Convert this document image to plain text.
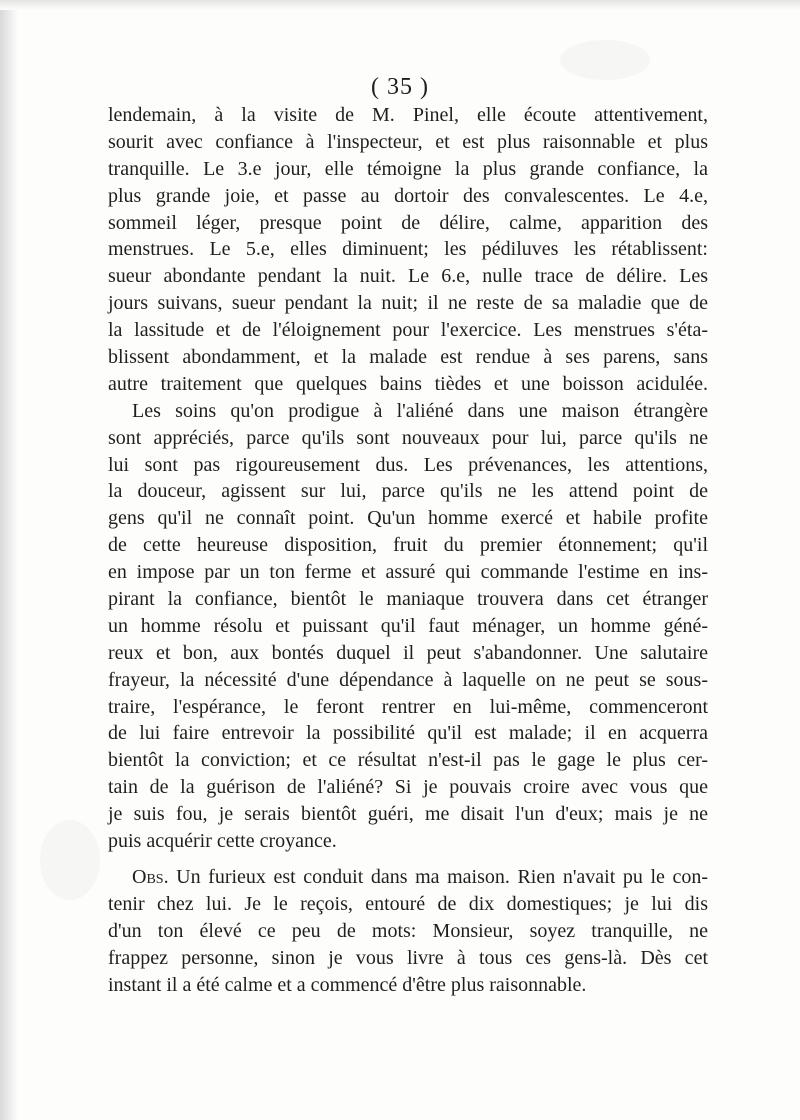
( 35 )
lendemain, à la visite de M. Pinel, elle écoute attentivement,
sourit avec confiance à l'inspecteur, et est plus raisonnable et plus
tranquille. Le 3.e jour, elle témoigne la plus grande confiance, la
plus grande joie, et passe au dortoir des convalescentes. Le 4.e,
sommeil léger, presque point de délire, calme, apparition des
menstrues. Le 5.e, elles diminuent; les pédiluves les rétablissent:
sueur abondante pendant la nuit. Le 6.e, nulle trace de délire. Les
jours suivans, sueur pendant la nuit; il ne reste de sa maladie que de
la lassitude et de l'éloignement pour l'exercice. Les menstrues s'éta-
blissent abondamment, et la malade est rendue à ses parens, sans
autre traitement que quelques bains tièdes et une boisson acidulée.
Les soins qu'on prodigue à l'aliéné dans une maison étrangère
sont appréciés, parce qu'ils sont nouveaux pour lui, parce qu'ils ne
lui sont pas rigoureusement dus. Les prévenances, les attentions,
la douceur, agissent sur lui, parce qu'ils ne les attend point de
gens qu'il ne connaît point. Qu'un homme exercé et habile profite
de cette heureuse disposition, fruit du premier étonnement; qu'il
en impose par un ton ferme et assuré qui commande l'estime en ins-
pirant la confiance, bientôt le maniaque trouvera dans cet étranger
un homme résolu et puissant qu'il faut ménager, un homme géné-
reux et bon, aux bontés duquel il peut s'abandonner. Une salutaire
frayeur, la nécessité d'une dépendance à laquelle on ne peut se sous-
traire, l'espérance, le feront rentrer en lui-même, commenceront
de lui faire entrevoir la possibilité qu'il est malade; il en acquerra
bientôt la conviction; et ce résultat n'est-il pas le gage le plus cer-
tain de la guérison de l'aliéné? Si je pouvais croire avec vous que
je suis fou, je serais bientôt guéri, me disait l'un d'eux; mais je ne
puis acquérir cette croyance.
Obs. Un furieux est conduit dans ma maison. Rien n'avait pu le con-
tenir chez lui. Je le reçois, entouré de dix domestiques; je lui dis
d'un ton élevé ce peu de mots: Monsieur, soyez tranquille, ne
frappez personne, sinon je vous livre à tous ces gens-là. Dès cet
instant il a été calme et a commencé d'être plus raisonnable.
